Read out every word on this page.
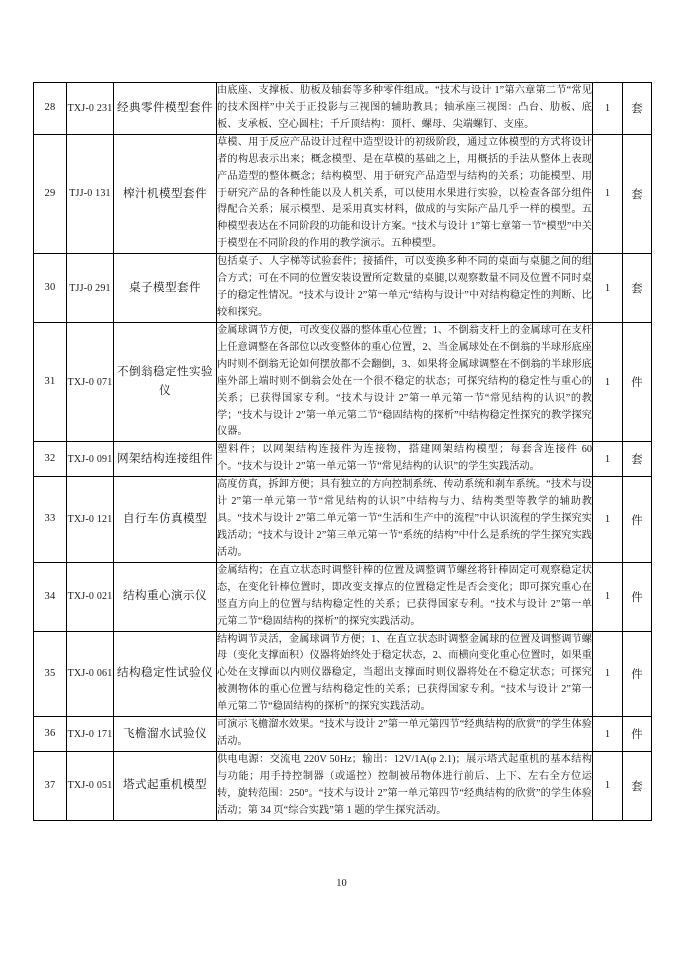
28	TXJ-0 231	经典零件模型套件	由底座、支撑板、肋板及轴套等多种零件组成。“技术与设计 1”第六章第二节“常见的技术图样”中关于正投影与三视图的辅助教具；轴承座三视图：凸台、肋板、底板、支承板、空心圆柱；千斤顶结构：顶杆、螺母、尖端螺钉、支座。	1	套
29	TJJ-0 131	榨汁机模型套件	草模、用于反应产品设计过程中造型设计的初级阶段，通过立体模型的方式将设计者的构思表示出来；概念模型、是在草模的基础之上，用概括的手法从整体上表现产品造型的整体概念；结构模型、用于研究产品造型与结构的关系；功能模型、用于研究产品的各种性能以及人机关系，可以使用水果进行实验，以检查各部分组件得配合关系；展示模型、是采用真实材料，做成的与实际产品几乎一样的模型。五种模型表达在不同阶段的功能和设计方案。“技术与设计 1”第七章第一节“模型”中关于模型在不同阶段的作用的教学演示。五种模型。	1	套
30	TJJ-0 291	桌子模型套件	包括桌子、人字梯等试验套件；接插件，可以变换多种不同的桌面与桌腿之间的组合方式；可在不同的位置安装设置所定数量的桌腿,以观察数量不同及位置不同时桌子的稳定性情况。“技术与设计 2”第一单元“结构与设计”中对结构稳定性的判断、比较和探究。	1	套
31	TXJ-0 071	不倒翁稳定性实验仪	金属球调节方便，可改变仪器的整体重心位置；1、不倒翁支杆上的金属球可在支杆上任意调整在各部位以改变整体的重心位置，2、当金属球处在不倒翁的半球形底座内时则不倒翁无论如何摆放都不会翻倒，3、如果将金属球调整在不倒翁的半球形底座外部上端时则不倒翁会处在一个很不稳定的状态；可探究结构的稳定性与重心的关系；已获得国家专利。“技术与设计 2”第一单元第一节“常见结构的认识”的教学；“技术与设计 2”第一单元第二节“稳固结构的探析”中结构稳定性探究的教学探究仪器。	1	件
32	TXJ-0 091	网架结构连接组件	塑料件；以网架结构连接件为连接物，搭建网架结构模型；每套含连接件 60 个。“技术与设计 2”第一单元第一节“常见结构的认识”的学生实践活动。	1	套
33	TXJ-0 121	自行车仿真模型	高度仿真，拆卸方便；具有独立的方向控制系统、传动系统和刹车系统。“技术与设计 2”第一单元第一节“常见结构的认识”中结构与力、结构类型等教学的辅助教具。“技术与设计 2”第二单元第一节“生活和生产中的流程”中认识流程的学生探究实践活动；“技术与设计 2”第三单元第一节“系统的结构”中什么是系统的学生探究实践活动。	1	件
34	TXJ-0 021	结构重心演示仪	金属结构；在直立状态时调整针棒的位置及调整调节螺丝将针棒固定可观察稳定状态，在变化针棒位置时，即改变支撑点的位置稳定性是否会变化；即可探究重心在竖直方向上的位置与结构稳定性的关系；已获得国家专利。“技术与设计 2”第一单元第二节“稳固结构的探析”的探究实践活动。	1	件
35	TXJ-0 061	结构稳定性试验仪	结构调节灵活，金属球调节方便；1、在直立状态时调整金属球的位置及调整调节螺母（变化支撑面积）仪器将始终处于稳定状态，2、而横向变化重心位置时，如果重心处在支撑面以内则仪器稳定，当超出支撑面时则仪器将处在不稳定状态；可探究被测物体的重心位置与结构稳定性的关系；已获得国家专利。“技术与设计 2”第一单元第二节“稳固结构的探析”的探究实践活动。	1	件
36	TXJ-0 171	飞檐溜水试验仪	可演示飞檐溜水效果。“技术与设计 2”第一单元第四节“经典结构的欣赏”的学生体验活动。	1	件
37	TXJ-0 051	塔式起重机模型	供电电源：交流电 220V 50Hz；输出：12V/1A(φ 2.1)；展示塔式起重机的基本结构与功能；用手持控制器（或遥控）控制被吊物体进行前后、上下、左右全方位运转，旋转范围：250°。“技术与设计 2”第一单元第四节“经典结构的欣赏”的学生体验活动；第 34 页“综合实践”第 1 题的学生探究活动。	1	套
10
